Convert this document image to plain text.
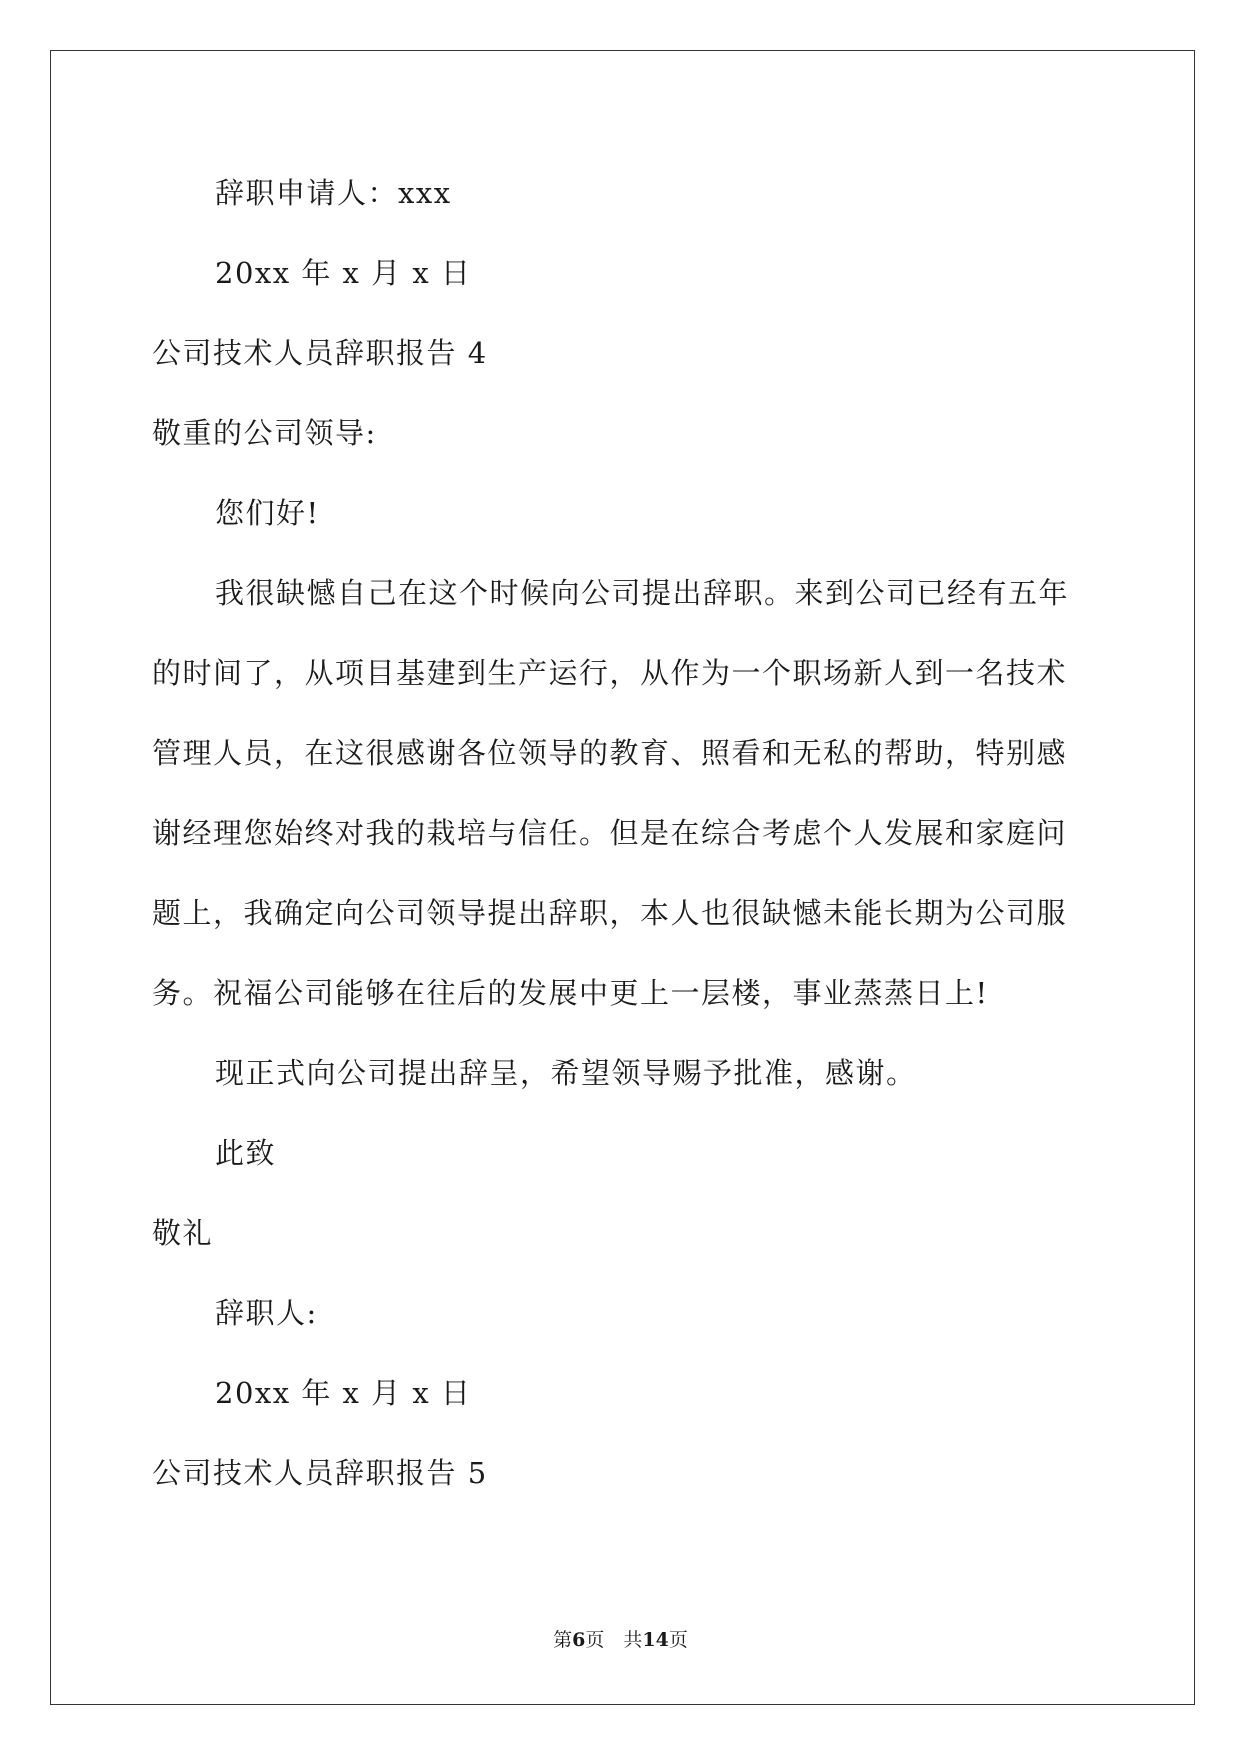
辞职申请人：xxx
20xx 年 x 月 x 日
公司技术人员辞职报告 4
敬重的公司领导:
您们好!
我很缺憾自己在这个时候向公司提出辞职。来到公司已经有五年
的时间了，从项目基建到生产运行，从作为一个职场新人到一名技术
管理人员，在这很感谢各位领导的教育、照看和无私的帮助，特别感
谢经理您始终对我的栽培与信任。但是在综合考虑个人发展和家庭问
题上，我确定向公司领导提出辞职，本人也很缺憾未能长期为公司服
务。祝福公司能够在往后的发展中更上一层楼，事业蒸蒸日上!
现正式向公司提出辞呈，希望领导赐予批准，感谢。
此致
敬礼
辞职人:
20xx 年 x 月 x 日
公司技术人员辞职报告 5
第6页　共14页
